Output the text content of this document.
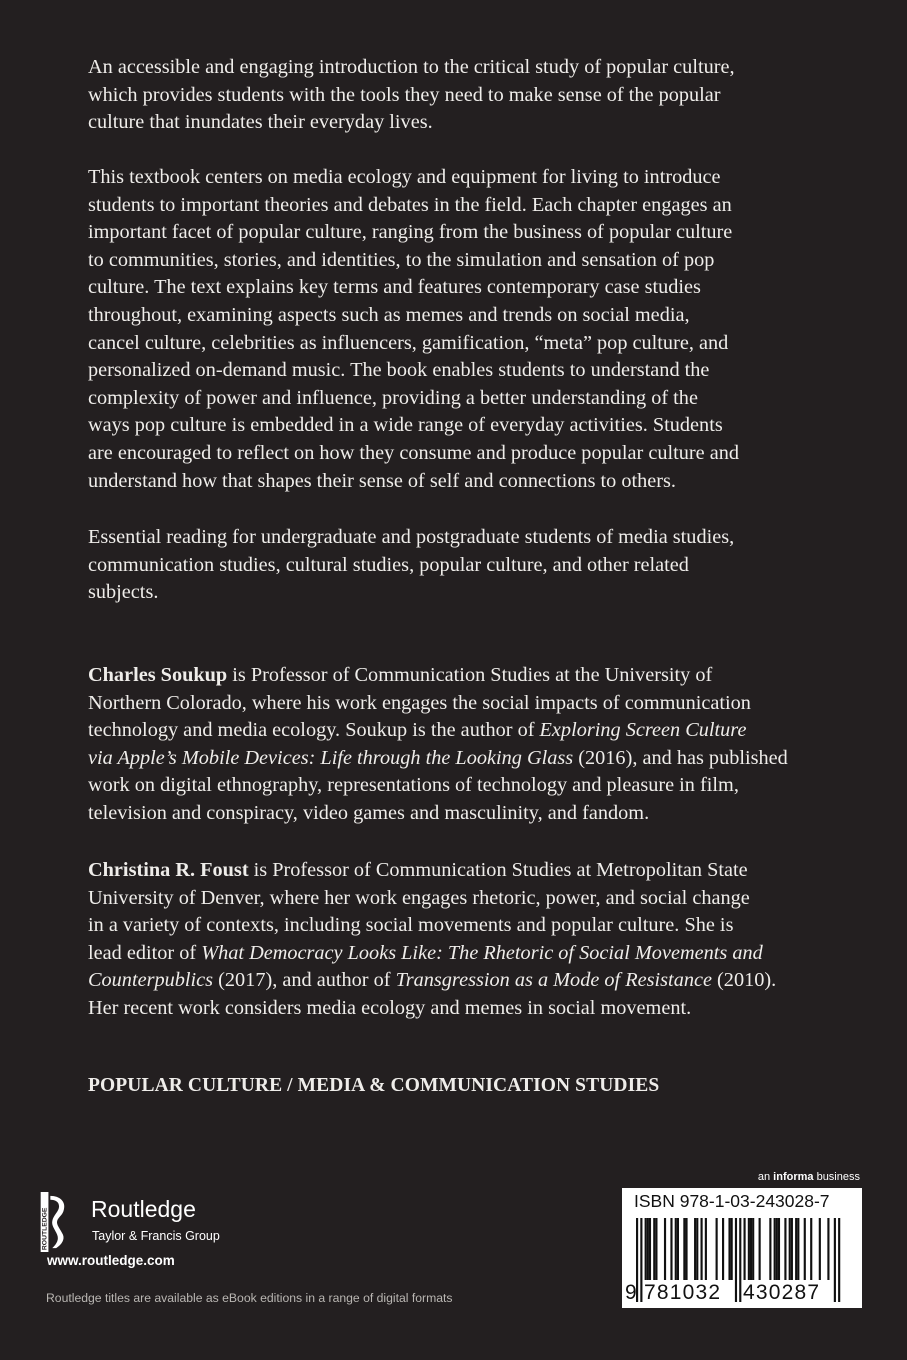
An accessible and engaging introduction to the critical study of popular culture,
which provides students with the tools they need to make sense of the popular
culture that inundates their everyday lives.

This textbook centers on media ecology and equipment for living to introduce
students to important theories and debates in the field. Each chapter engages an
important facet of popular culture, ranging from the business of popular culture
to communities, stories, and identities, to the simulation and sensation of pop
culture. The text explains key terms and features contemporary case studies
throughout, examining aspects such as memes and trends on social media,
cancel culture, celebrities as influencers, gamification, “meta” pop culture, and
personalized on-demand music. The book enables students to understand the
complexity of power and influence, providing a better understanding of the
ways pop culture is embedded in a wide range of everyday activities. Students
are encouraged to reflect on how they consume and produce popular culture and
understand how that shapes their sense of self and connections to others.

Essential reading for undergraduate and postgraduate students of media studies,
communication studies, cultural studies, popular culture, and other related
subjects.

Charles Soukup is Professor of Communication Studies at the University of
Northern Colorado, where his work engages the social impacts of communication
technology and media ecology. Soukup is the author of Exploring Screen Culture
via Apple’s Mobile Devices: Life through the Looking Glass (2016), and has published
work on digital ethnography, representations of technology and pleasure in film,
television and conspiracy, video games and masculinity, and fandom.

Christina R. Foust is Professor of Communication Studies at Metropolitan State
University of Denver, where her work engages rhetoric, power, and social change
in a variety of contexts, including social movements and popular culture. She is
lead editor of What Democracy Looks Like: The Rhetoric of Social Movements and
Counterpublics (2017), and author of Transgression as a Mode of Resistance (2010).
Her recent work considers media ecology and memes in social movement.

POPULAR CULTURE / MEDIA & COMMUNICATION STUDIES

ROUTLEDGE Routledge
Taylor & Francis Group
www.routledge.com
Routledge titles are available as eBook editions in a range of digital formats
an informa business
ISBN 978-1-03-243028-7
9 781032 430287
